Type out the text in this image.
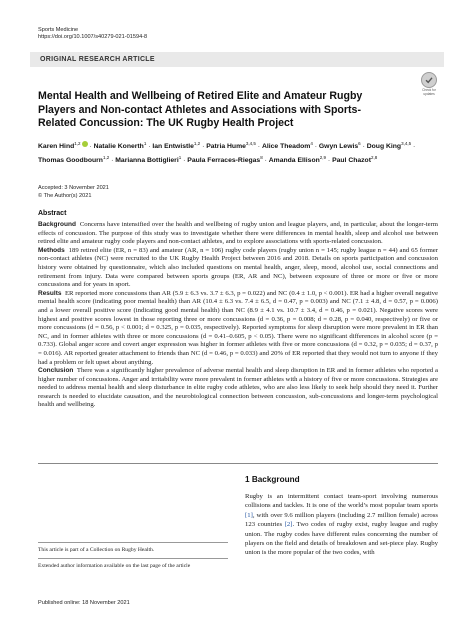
Sports Medicine
https://doi.org/10.1007/s40279-021-01594-8
ORIGINAL RESEARCH ARTICLE
Check for
updates
Mental Health and Wellbeing of Retired Elite and Amateur Rugby Players and Non-contact Athletes and Associations with Sports-Related Concussion: The UK Rugby Health Project
Karen Hind$^{1,2}$ · Natalie Konerth$^1$ · Ian Entwistle$^{1,2}$ · Patria Hume$^{3,4,5}$ · Alice Theadom$^4$ · Gwyn Lewis$^6$ · Doug King$^{3,4,5}$ · Thomas Goodbourn$^{1,2}$ · Marianna Bottiglieri$^1$ · Paula Ferraces-Riegas$^8$ · Amanda Ellison$^{2,9}$ · Paul Chazot$^{2,8}$
Accepted: 3 November 2021
© The Author(s) 2021
Abstract

Background Concerns have intensified over the health and wellbeing of rugby union and league players, and, in particular, about the longer-term effects of concussion. The purpose of this study was to investigate whether there were differences in mental health, sleep and alcohol use between retired elite and amateur rugby code players and non-contact athletes, and to explore associations with sports-related concussion.

Methods 189 retired elite (ER, n = 83) and amateur (AR, n = 106) rugby code players (rugby union n = 145; rugby league n = 44) and 65 former non-contact athletes (NC) were recruited to the UK Rugby Health Project between 2016 and 2018. Details on sports participation and concussion history were obtained by questionnaire, which also included questions on mental health, anger, sleep, mood, alcohol use, social connections and retirement from injury. Data were compared between sports groups (ER, AR and NC), between exposure of three or more or five or more concussions and for years in sport.

Results ER reported more concussions than AR (5.9 ± 6.3 vs. 3.7 ± 6.3, p = 0.022) and NC (0.4 ± 1.0, p < 0.001). ER had a higher overall negative mental health score (indicating poor mental health) than AR (10.4 ± 6.3 vs. 7.4 ± 6.5, d = 0.47, p = 0.003) and NC (7.1 ± 4.8, d = 0.57, p = 0.006) and a lower overall positive score (indicating good mental health) than NC (8.9 ± 4.1 vs. 10.7 ± 3.4, d = 0.46, p = 0.021). Negative scores were highest and positive scores lowest in those reporting three or more concussions (d = 0.36, p = 0.008; d = 0.28, p = 0.040, respectively) or five or more concussions (d = 0.56, p < 0.001; d = 0.325, p = 0.035, respectively). Reported symptoms for sleep disruption were more prevalent in ER than NC, and in former athletes with three or more concussions (d = 0.41–0.605, p < 0.05). There were no significant differences in alcohol score (p = 0.733). Global anger score and covert anger expression was higher in former athletes with five or more concussions (d = 0.32, p = 0.035; d = 0.37, p = 0.016). AR reported greater attachment to friends than NC (d = 0.46, p = 0.033) and 20% of ER reported that they would not turn to anyone if they had a problem or felt upset about anything.

Conclusion There was a significantly higher prevalence of adverse mental health and sleep disruption in ER and in former athletes who reported a higher number of concussions. Anger and irritability were more prevalent in former athletes with a history of five or more concussions. Strategies are needed to address mental health and sleep disturbance in elite rugby code athletes, who are also less likely to seek help should they need it. Further research is needed to elucidate causation, and the neurobiological connection between concussion, sub-concussions and longer-term psychological health and wellbeing.

This article is part of a Collection on Rugby Health.
Extended author information available on the last page of the article
Published online: 18 November 2021
1 Background
Rugby is an intermittent contact team-sport involving numerous collisions and tackles. It is one of the world’s most popular team sports [1], with over 9.6 million players (including 2.7 million female) across 123 countries [2]. Two codes of rugby exist, rugby league and rugby union. The rugby codes have different rules concerning the number of players on the field and details of breakdown and set-piece play. Rugby union is the more popular of the two codes, with
